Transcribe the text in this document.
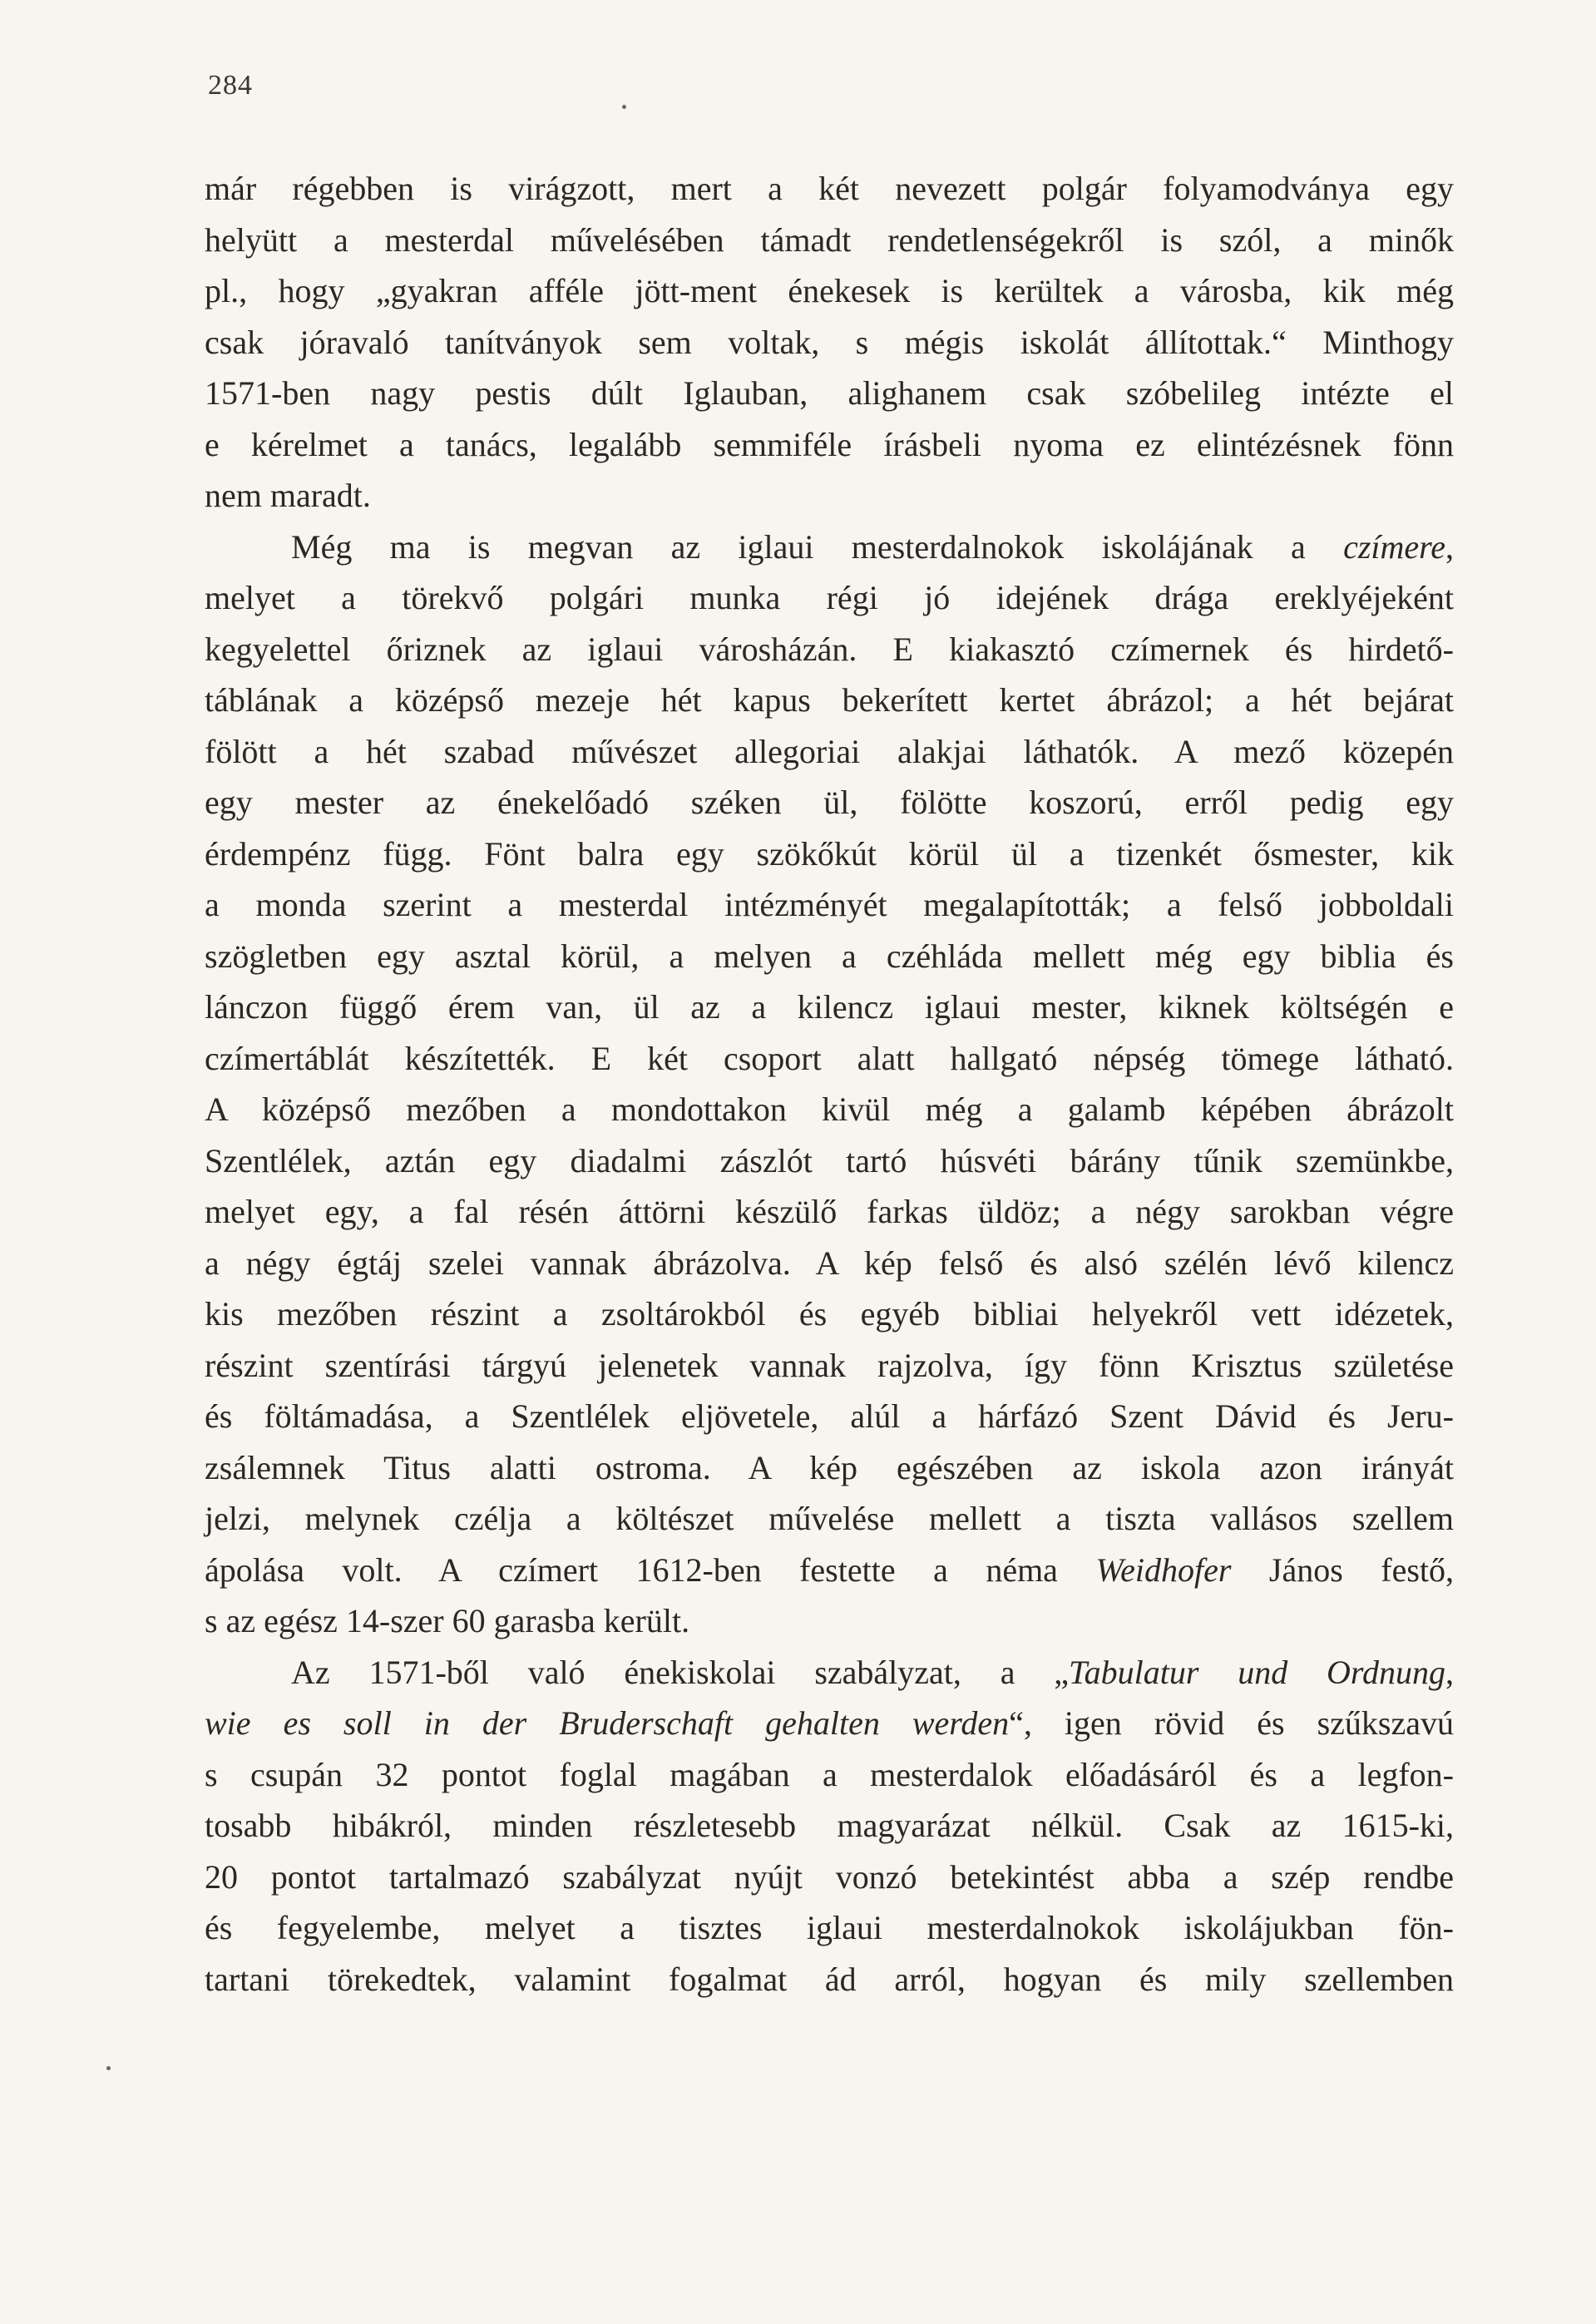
284
már régebben is virágzott, mert a két nevezett polgár folyamodványa egy
helyütt a mesterdal művelésében támadt rendetlenségekről is szól, a minők
pl., hogy „gyakran afféle jött-ment énekesek is kerültek a városba, kik még
csak jóravaló tanítványok sem voltak, s mégis iskolát állítottak.“ Minthogy
1571-ben nagy pestis dúlt Iglauban, alighanem csak szóbelileg intézte el
e kérelmet a tanács, legalább semmiféle írásbeli nyoma ez elintézésnek fönn
nem maradt.
Még ma is megvan az iglaui mesterdalnokok iskolájának a czímere,
melyet a törekvő polgári munka régi jó idejének drága ereklyéjeként
kegyelettel őriznek az iglaui városházán. E kiakasztó czímernek és hirdető-
táblának a középső mezeje hét kapus bekerített kertet ábrázol; a hét bejárat
fölött a hét szabad művészet allegoriai alakjai láthatók. A mező közepén
egy mester az énekelőadó széken ül, fölötte koszorú, erről pedig egy
érdempénz függ. Fönt balra egy szökőkút körül ül a tizenkét ősmester, kik
a monda szerint a mesterdal intézményét megalapították; a felső jobboldali
szögletben egy asztal körül, a melyen a czéhláda mellett még egy biblia és
lánczon függő érem van, ül az a kilencz iglaui mester, kiknek költségén e
czímertáblát készítették. E két csoport alatt hallgató népség tömege látható.
A középső mezőben a mondottakon kivül még a galamb képében ábrázolt
Szentlélek, aztán egy diadalmi zászlót tartó húsvéti bárány tűnik szemünkbe,
melyet egy, a fal résén áttörni készülő farkas üldöz; a négy sarokban végre
a négy égtáj szelei vannak ábrázolva. A kép felső és alsó szélén lévő kilencz
kis mezőben részint a zsoltárokból és egyéb bibliai helyekről vett idézetek,
részint szentírási tárgyú jelenetek vannak rajzolva, így fönn Krisztus születése
és föltámadása, a Szentlélek eljövetele, alúl a hárfázó Szent Dávid és Jeru-
zsálemnek Titus alatti ostroma. A kép egészében az iskola azon irányát
jelzi, melynek czélja a költészet művelése mellett a tiszta vallásos szellem
ápolása volt. A czímert 1612-ben festette a néma Weidhofer János festő,
s az egész 14-szer 60 garasba került.
Az 1571-ből való énekiskolai szabályzat, a „Tabulatur und Ordnung,
wie es soll in der Bruderschaft gehalten werden“, igen rövid és szűkszavú
s csupán 32 pontot foglal magában a mesterdalok előadásáról és a legfon-
tosabb hibákról, minden részletesebb magyarázat nélkül. Csak az 1615-ki,
20 pontot tartalmazó szabályzat nyújt vonzó betekintést abba a szép rendbe
és fegyelembe, melyet a tisztes iglaui mesterdalnokok iskolájukban fön-
tartani törekedtek, valamint fogalmat ád arról, hogyan és mily szellemben
